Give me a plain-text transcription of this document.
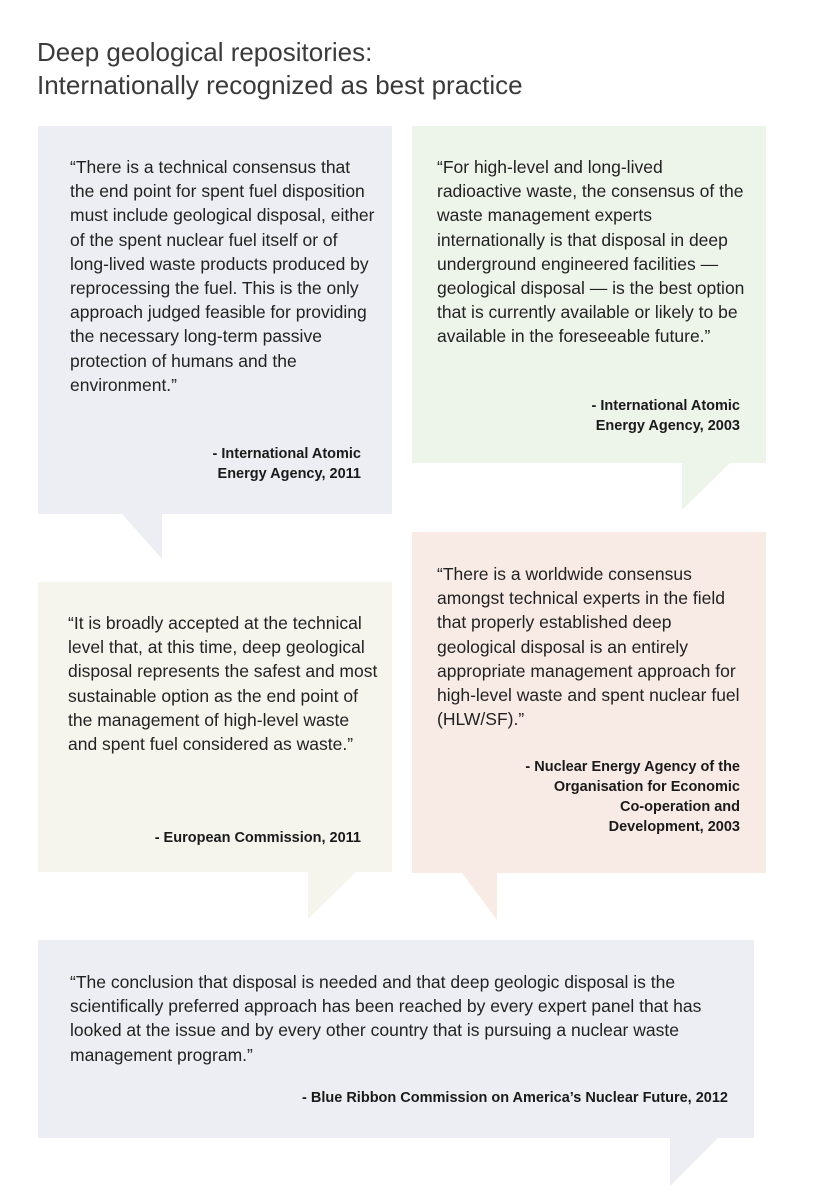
Deep geological repositories:
Internationally recognized as best practice
“There is a technical consensus that the end point for spent fuel disposition must include geological disposal, either of the spent nuclear fuel itself or of long-lived waste products produced by reprocessing the fuel. This is the only approach judged feasible for providing the necessary long-term passive protection of humans and the environment.”
- International Atomic
Energy Agency, 2011
“For high-level and long-lived radioactive waste, the consensus of the waste management experts internationally is that disposal in deep underground engineered facilities — geological disposal — is the best option that is currently available or likely to be available in the foreseeable future.”
- International Atomic
Energy Agency, 2003
“It is broadly accepted at the technical level that, at this time, deep geological disposal represents the safest and most sustainable option as the end point of the management of high-level waste and spent fuel considered as waste.”
- European Commission, 2011
“There is a worldwide consensus amongst technical experts in the field that properly established deep geological disposal is an entirely appropriate management approach for high-level waste and spent nuclear fuel (HLW/SF).”
- Nuclear Energy Agency of the
Organisation for Economic
Co-operation and
Development, 2003
“The conclusion that disposal is needed and that deep geologic disposal is the scientifically preferred approach has been reached by every expert panel that has looked at the issue and by every other country that is pursuing a nuclear waste management program.”
- Blue Ribbon Commission on America’s Nuclear Future, 2012
